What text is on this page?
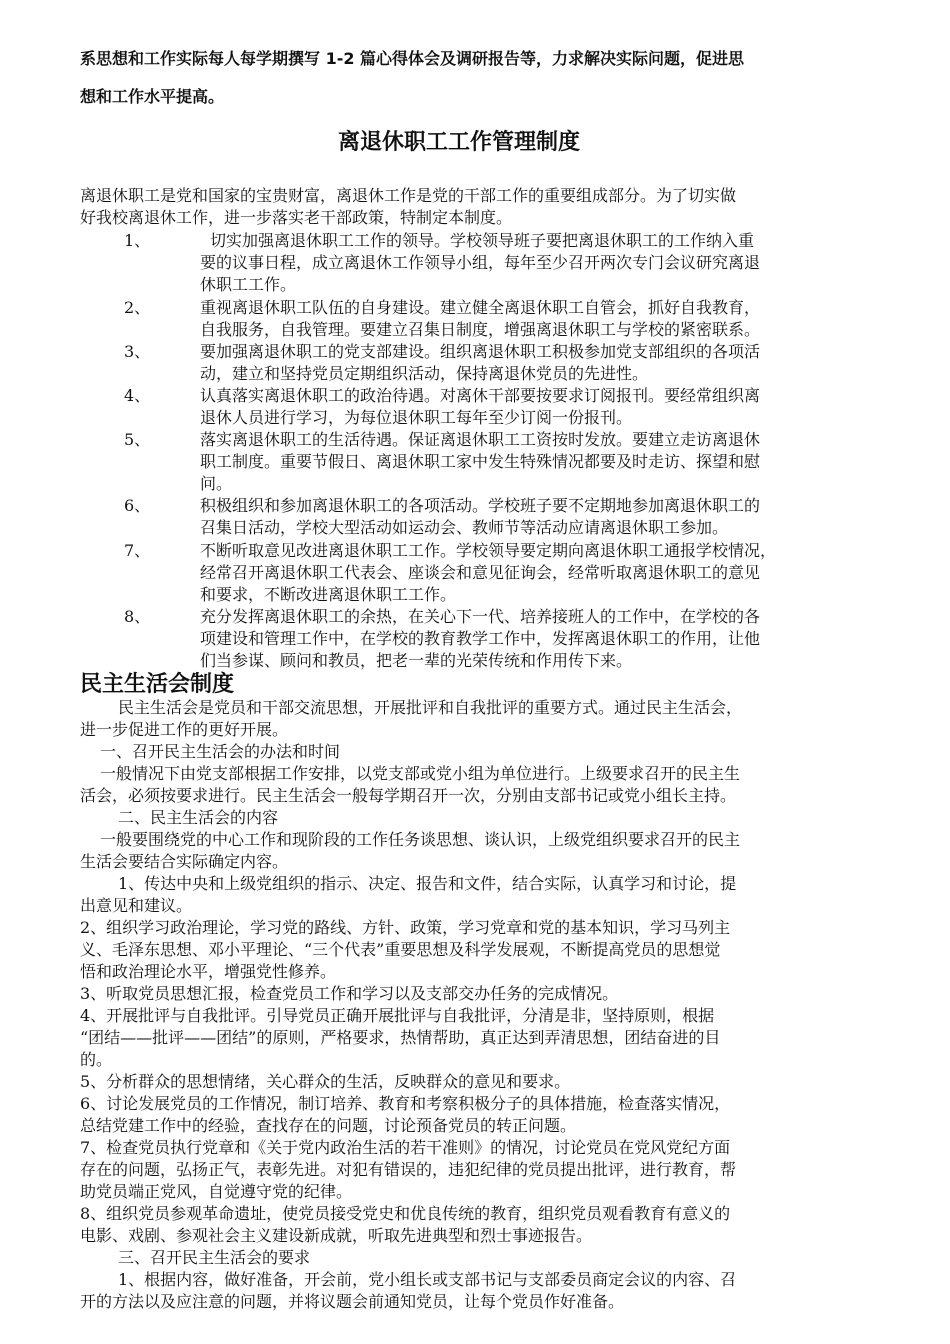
系思想和工作实际每人每学期撰写 1-2 篇心得体会及调研报告等，力求解决实际问题，促进思
想和工作水平提高。
离退休职工工作管理制度
离退休职工是党和国家的宝贵财富，离退休工作是党的干部工作的重要组成部分。为了切实做
好我校离退休工作，进一步落实老干部政策，特制定本制度。
1、	切实加强离退休职工工作的领导。学校领导班子要把离退休职工的工作纳入重
要的议事日程，成立离退休工作领导小组，每年至少召开两次专门会议研究离退
休职工工作。
2、	重视离退休职工队伍的自身建设。建立健全离退休职工自管会，抓好自我教育，
自我服务，自我管理。要建立召集日制度，增强离退休职工与学校的紧密联系。
3、	要加强离退休职工的党支部建设。组织离退休职工积极参加党支部组织的各项活
动，建立和坚持党员定期组织活动，保持离退休党员的先进性。
4、	认真落实离退休职工的政治待遇。对离休干部要按要求订阅报刊。要经常组织离
退休人员进行学习，为每位退休职工每年至少订阅一份报刊。
5、	落实离退休职工的生活待遇。保证离退休职工工资按时发放。要建立走访离退休
职工制度。重要节假日、离退休职工家中发生特殊情况都要及时走访、探望和慰
问。
6、	积极组织和参加离退休职工的各项活动。学校班子要不定期地参加离退休职工的
召集日活动，学校大型活动如运动会、教师节等活动应请离退休职工参加。
7、	不断听取意见改进离退休职工工作。学校领导要定期向离退休职工通报学校情况，
经常召开离退休职工代表会、座谈会和意见征询会，经常听取离退休职工的意见
和要求，不断改进离退休职工工作。
8、	充分发挥离退休职工的余热，在关心下一代、培养接班人的工作中，在学校的各
项建设和管理工作中，在学校的教育教学工作中，发挥离退休职工的作用，让他
们当参谋、顾问和教员，把老一辈的光荣传统和作用传下来。
民主生活会制度
民主生活会是党员和干部交流思想，开展批评和自我批评的重要方式。通过民主生活会，
进一步促进工作的更好开展。
一、召开民主生活会的办法和时间
一般情况下由党支部根据工作安排，以党支部或党小组为单位进行。上级要求召开的民主生
活会，必须按要求进行。民主生活会一般每学期召开一次，分别由支部书记或党小组长主持。
二、民主生活会的内容
一般要围绕党的中心工作和现阶段的工作任务谈思想、谈认识，上级党组织要求召开的民主
生活会要结合实际确定内容。
1、传达中央和上级党组织的指示、决定、报告和文件，结合实际，认真学习和讨论，提
出意见和建议。
2、组织学习政治理论，学习党的路线、方针、政策，学习党章和党的基本知识，学习马列主
义、毛泽东思想、邓小平理论、“三个代表”重要思想及科学发展观，不断提高党员的思想觉
悟和政治理论水平，增强党性修养。
3、听取党员思想汇报，检查党员工作和学习以及支部交办任务的完成情况。
4、开展批评与自我批评。引导党员正确开展批评与自我批评，分清是非，坚持原则，根据
“团结——批评——团结”的原则，严格要求，热情帮助，真正达到弄清思想，团结奋进的目
的。
5、分析群众的思想情绪，关心群众的生活，反映群众的意见和要求。
6、讨论发展党员的工作情况，制订培养、教育和考察积极分子的具体措施，检查落实情况，
总结党建工作中的经验，查找存在的问题，讨论预备党员的转正问题。
7、检查党员执行党章和《关于党内政治生活的若干准则》的情况，讨论党员在党风党纪方面
存在的问题，弘扬正气，表彰先进。对犯有错误的，违犯纪律的党员提出批评，进行教育，帮
助党员端正党风，自觉遵守党的纪律。
8、组织党员参观革命遗址，使党员接受党史和优良传统的教育，组织党员观看教育有意义的
电影、戏剧、参观社会主义建设新成就，听取先进典型和烈士事迹报告。
三、召开民主生活会的要求
1、根据内容，做好准备，开会前，党小组长或支部书记与支部委员商定会议的内容、召
开的方法以及应注意的问题，并将议题会前通知党员，让每个党员作好准备。
